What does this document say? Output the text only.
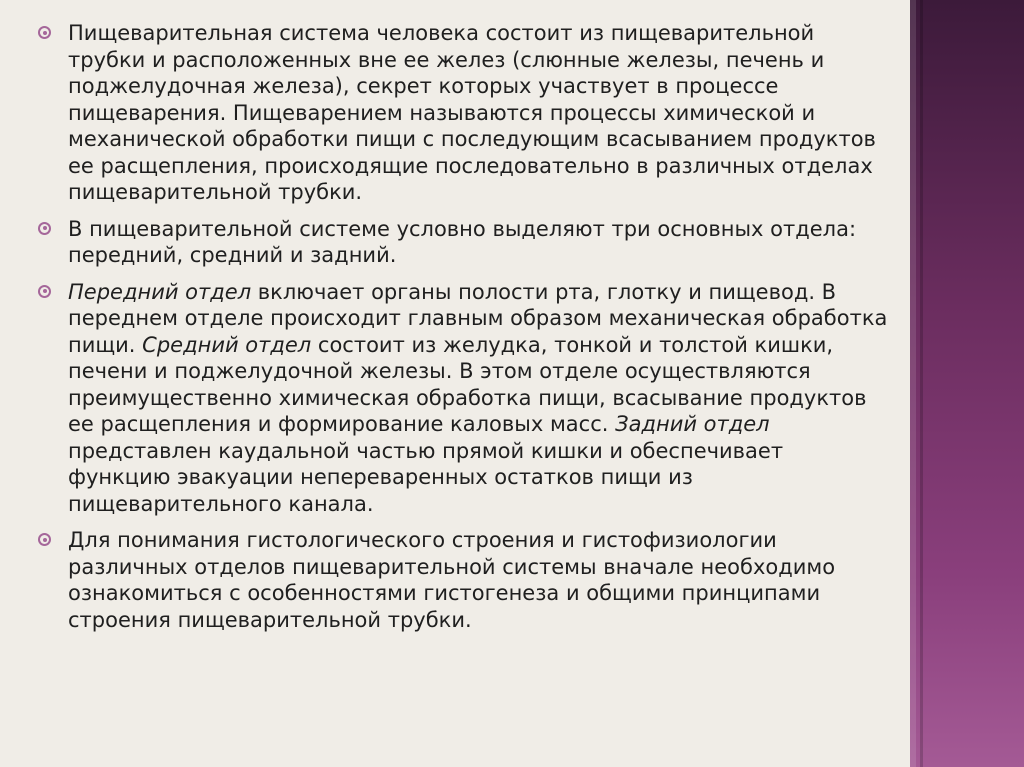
Пищеварительная система человека состоит из пищеварительной трубки и расположенных вне ее желез (слюнные железы, печень и поджелудочная железа), секрет которых участвует в процессе пищеварения. Пищеварением называются процессы химической и механической обработки пищи с последующим всасыванием продуктов ее расщепления, происходящие последовательно в различных отделах пищеварительной трубки.
В пищеварительной системе условно выделяют три основных отдела: передний, средний и задний.
Передний отдел включает органы полости рта, глотку и пищевод. В переднем отделе происходит главным образом механическая обработка пищи. Средний отдел состоит из желудка, тонкой и толстой кишки, печени и поджелудочной железы. В этом отделе осуществляются преимущественно химическая обработка пищи, всасывание продуктов ее расщепления и формирование каловых масс. Задний отдел представлен каудальной частью прямой кишки и обеспечивает функцию эвакуации непереваренных остатков пищи из пищеварительного канала.
Для понимания гистологического строения и гистофизиологии различных отделов пищеварительной системы вначале необходимо ознакомиться с особенностями гистогенеза и общими принципами строения пищеварительной трубки.
